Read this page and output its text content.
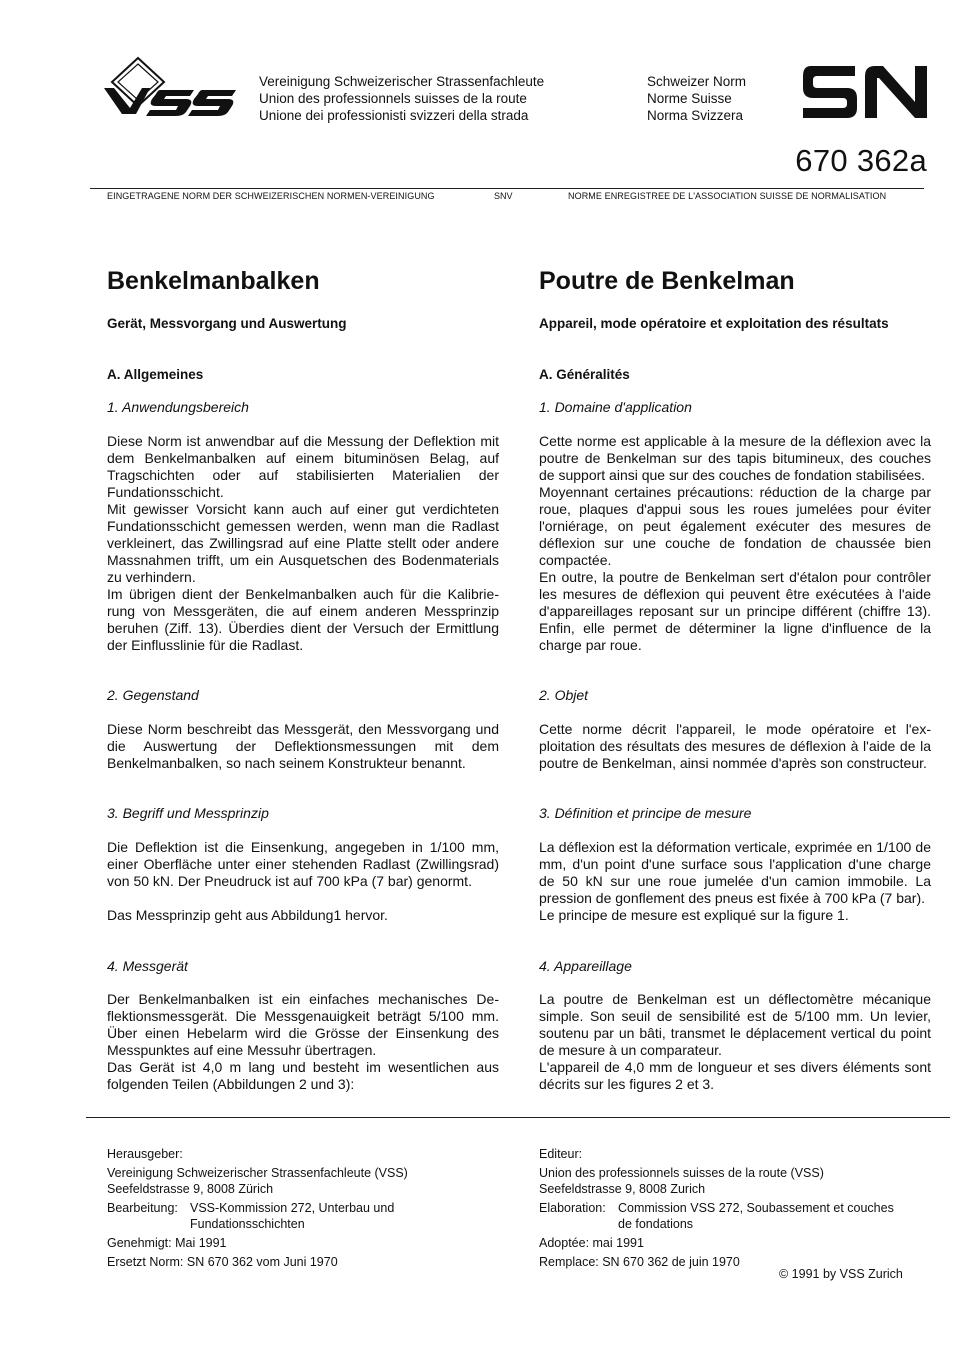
Vereinigung Schweizerischer Strassenfachleute
Union des professionnels suisses de la route
Unione dei professionisti svizzeri della strada
Schweizer Norm
Norme Suisse
Norma Svizzera
670 362a
EINGETRAGENE NORM DER SCHWEIZERISCHEN NORMEN-VEREINIGUNG	SNV	NORME ENREGISTREE DE L'ASSOCIATION SUISSE DE NORMALISATION
Benkelmanbalken
Gerät, Messvorgang und Auswertung
A. Allgemeines
1. Anwendungsbereich

Diese Norm ist anwendbar auf die Messung der Deflektion mit dem Benkelmanbalken auf einem bituminösen Belag, auf Tragschichten oder auf stabilisierten Materialien der Fundationsschicht.

Mit gewisser Vorsicht kann auch auf einer gut verdichteten Fundationsschicht gemessen werden, wenn man die Radlast verkleinert, das Zwillingsrad auf eine Platte stellt oder andere Massnahmen trifft, um ein Ausquetschen des Bodenmaterials zu verhindern.

Im übrigen dient der Benkelmanbalken auch für die Kalibrierung von Messgeräten, die auf einem anderen Messprinzip beruhen (Ziff. 13). Überdies dient der Versuch der Ermittlung der Einflusslinie für die Radlast.

2. Gegenstand

Diese Norm beschreibt das Messgerät, den Messvorgang und die Auswertung der Deflektionsmessungen mit dem Benkelmanbalken, so nach seinem Konstrukteur benannt.

3. Begriff und Messprinzip

Die Deflektion ist die Einsenkung, angegeben in 1/100 mm, einer Oberfläche unter einer stehenden Radlast (Zwillingsrad) von 50 kN. Der Pneudruck ist auf 700 kPa (7 bar) genormt.

Das Messprinzip geht aus Abbildung1 hervor.

4. Messgerät

Der Benkelmanbalken ist ein einfaches mechanisches Deflektionsmessgerät. Die Messgenauigkeit beträgt 5/100 mm. Über einen Hebelarm wird die Grösse der Einsenkung des Messpunktes auf eine Messuhr übertragen.

Das Gerät ist 4,0 m lang und besteht im wesentlichen aus folgenden Teilen (Abbildungen 2 und 3):

Poutre de Benkelman
Appareil, mode opératoire et exploitation des résultats
A. Généralités
1. Domaine d'application

Cette norme est applicable à la mesure de la déflexion avec la poutre de Benkelman sur des tapis bitumineux, des couches de support ainsi que sur des couches de fondation stabilisées.

Moyennant certaines précautions: réduction de la charge par roue, plaques d'appui sous les roues jumelées pour éviter l'orniérage, on peut également exécuter des mesures de déflexion sur une couche de fondation de chaussée bien compactée.

En outre, la poutre de Benkelman sert d'étalon pour contrôler les mesures de déflexion qui peuvent être exécutées à l'aide d'appareillages reposant sur un principe différent (chiffre 13). Enfin, elle permet de déterminer la ligne d'influence de la charge par roue.

2. Objet

Cette norme décrit l'appareil, le mode opératoire et l'exploitation des résultats des mesures de déflexion à l'aide de la poutre de Benkelman, ainsi nommée d'après son constructeur.

3. Définition et principe de mesure

La déflexion est la déformation verticale, exprimée en 1/100 de mm, d'un point d'une surface sous l'application d'une charge de 50 kN sur une roue jumelée d'un camion immobile. La pression de gonflement des pneus est fixée à 700 kPa (7 bar).

Le principe de mesure est expliqué sur la figure 1.

4. Appareillage

La poutre de Benkelman est un déflectomètre mécanique simple. Son seuil de sensibilité est de 5/100 mm. Un levier, soutenu par un bâti, transmet le déplacement vertical du point de mesure à un comparateur.

L'appareil de 4,0 mm de longueur et ses divers éléments sont décrits sur les figures 2 et 3.

Herausgeber:
Vereinigung Schweizerischer Strassenfachleute (VSS)
Seefeldstrasse 9, 8008 Zürich
Bearbeitung: VSS-Kommission 272, Unterbau und
Fundationsschichten
Genehmigt: Mai 1991
Ersetzt Norm: SN 670 362 vom Juni 1970
Editeur:
Union des professionnels suisses de la route (VSS)
Seefeldstrasse 9, 8008 Zurich
Elaboration: Commission VSS 272, Soubassement et couches
de fondations
Adoptée: mai 1991
Remplace: SN 670 362 de juin 1970
© 1991 by VSS Zurich
